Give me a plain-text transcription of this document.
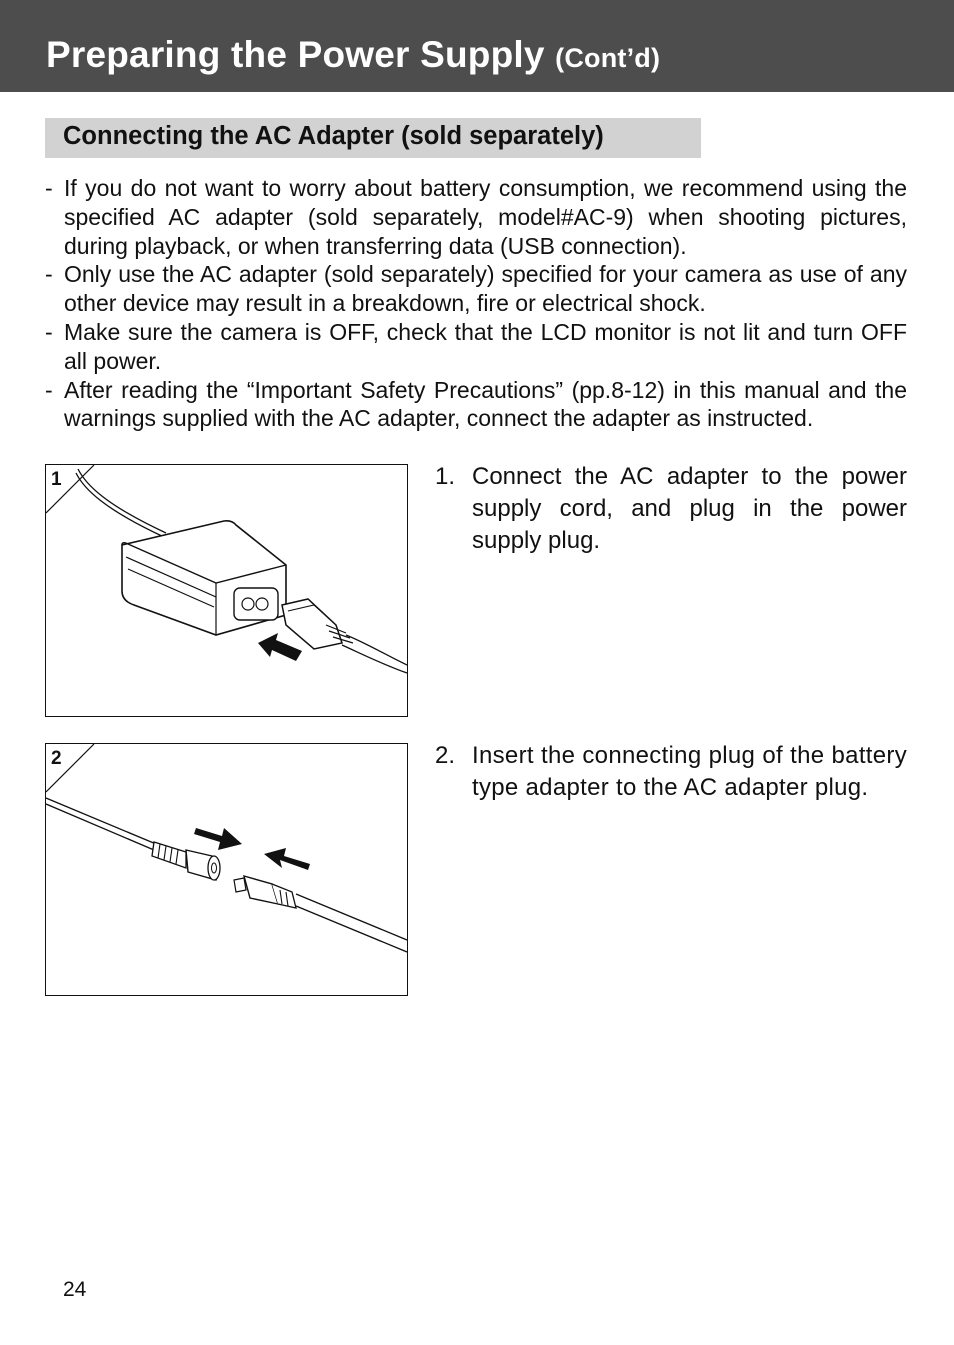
Preparing the Power Supply (Cont’d)
Connecting the AC Adapter (sold separately)
- If you do not want to worry about battery consumption, we recommend using the specified AC adapter (sold separately, model#AC-9) when shooting pictures, during playback, or when transferring data (USB connection).
- Only use the AC adapter (sold separately) specified for your camera as use of any other device may result in a breakdown, fire or electrical shock.
- Make sure the camera is OFF, check that the LCD monitor is not lit and turn OFF all power.
- After reading the “Important Safety Precautions” (pp.8-12) in this manual and the warnings supplied with the AC adapter, connect the adapter as instructed.
1	1. Connect the AC adapter to the power supply cord, and plug in the power supply plug.
2	2. Insert the connecting plug of the battery type adapter to the AC adapter plug.
24
